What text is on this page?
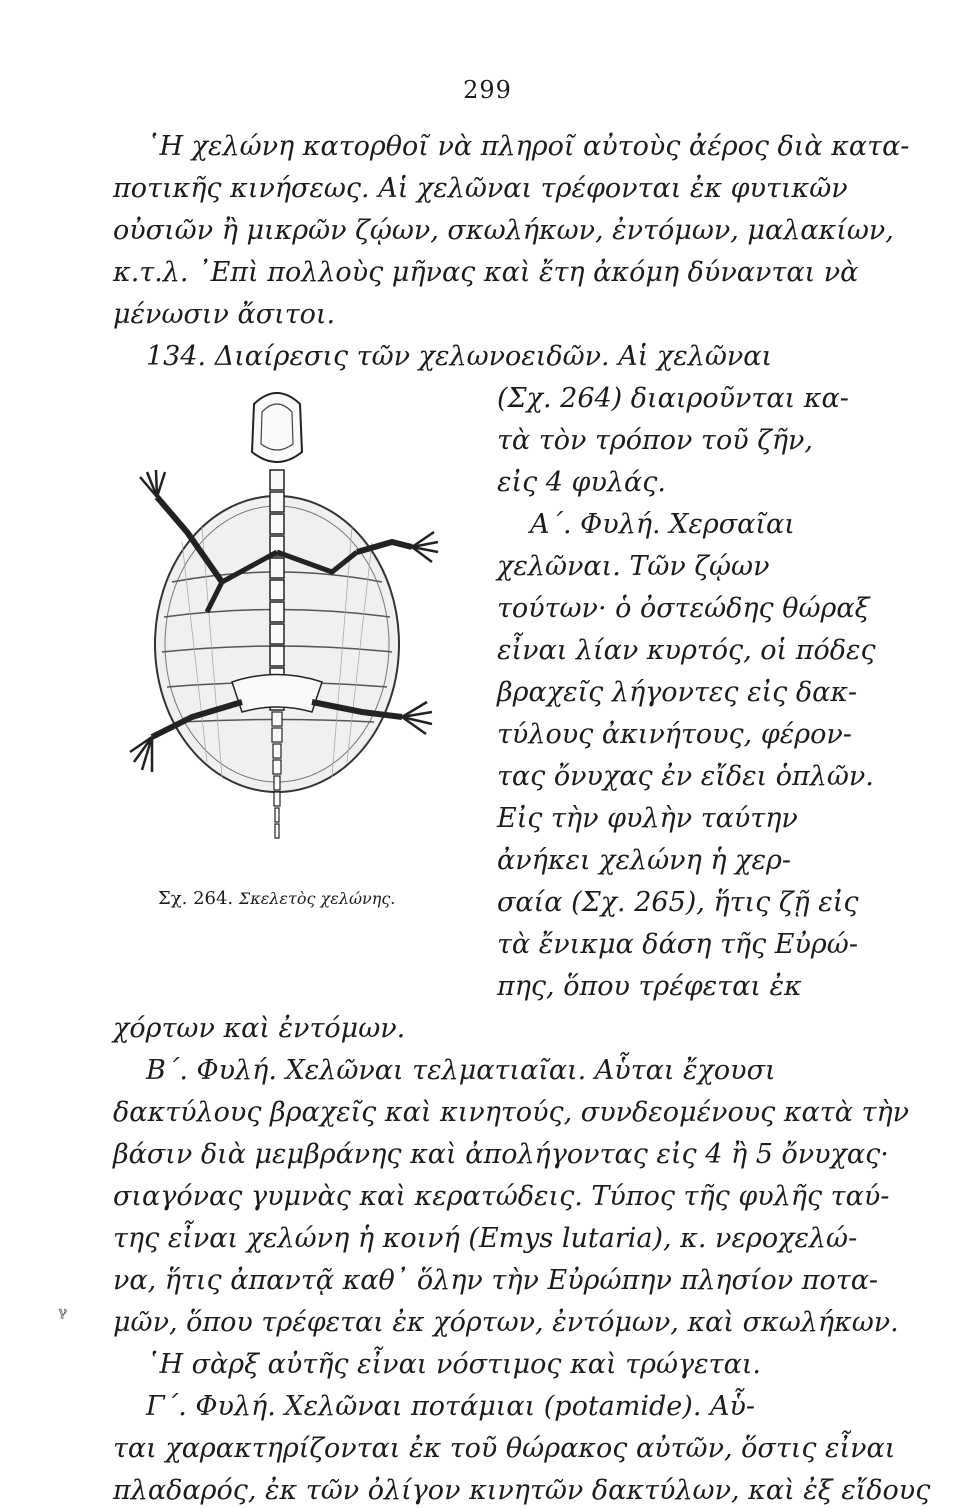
299
῾Η χελώνη κατορθοῖ νὰ πληροῖ αὐτοὺς ἀέρος διὰ κατα-
ποτικῆς κινήσεως. Αἱ χελῶναι τρέφονται ἐκ φυτικῶν
οὐσιῶν ἢ μικρῶν ζῴων, σκωλήκων, ἐντόμων, μαλακίων,
κ.τ.λ. ᾿Επὶ πολλοὺς μῆνας καὶ ἔτη ἀκόμη δύνανται νὰ
μένωσιν ἄσιτοι.
134. Διαίρεσις τῶν χελωνοειδῶν. Αἱ χελῶναι
(Σχ. 264) διαιροῦνται κα-
τὰ τὸν τρόπον τοῦ ζῆν,
εἰς 4 φυλάς.
Α΄. Φυλή. Χερσαῖαι
χελῶναι. Τῶν ζῴων
τούτων· ὁ ὀστεώδης θώραξ
εἶναι λίαν κυρτός, οἱ πόδες
βραχεῖς λήγοντες εἰς δακ-
τύλους ἀκινήτους, φέρον-
τας ὄνυχας ἐν εἴδει ὁπλῶν.
Εἰς τὴν φυλὴν ταύτην
ἀνήκει χελώνη ἡ χερ-
σαία (Σχ. 265), ἥτις ζῇ εἰς
τὰ ἔνικμα δάση τῆς Εὐρώ-
πης, ὅπου τρέφεται ἐκ
χόρτων καὶ ἐντόμων.
Β΄. Φυλή. Χελῶναι τελματιαῖαι. Αὗται ἔχουσι
δακτύλους βραχεῖς καὶ κινητούς, συνδεομένους κατὰ τὴν
βάσιν διὰ μεμβράνης καὶ ἀπολήγοντας εἰς 4 ἢ 5 ὄνυχας·
σιαγόνας γυμνὰς καὶ κερατώδεις. Τύπος τῆς φυλῆς ταύ-
της εἶναι χελώνη ἡ κοινή (Emys lutaria), κ. νεροχελώ-
να, ἥτις ἀπαντᾷ καθ᾿ ὅλην τὴν Εὐρώπην πλησίον ποτα-
μῶν, ὅπου τρέφεται ἐκ χόρτων, ἐντόμων, καὶ σκωλήκων.
῾Η σὰρξ αὐτῆς εἶναι νόστιμος καὶ τρώγεται.
Γ΄. Φυλή. Χελῶναι ποτάμιαι (potamide). Αὗ-
ται χαρακτηρίζονται ἐκ τοῦ θώρακος αὐτῶν, ὅστις εἶναι
πλαδαρός, ἐκ τῶν ὀλίγον κινητῶν δακτύλων, καὶ ἐξ εἴδους
Σχ. 264. Σκελετὸς χελώνης.
ℽ
